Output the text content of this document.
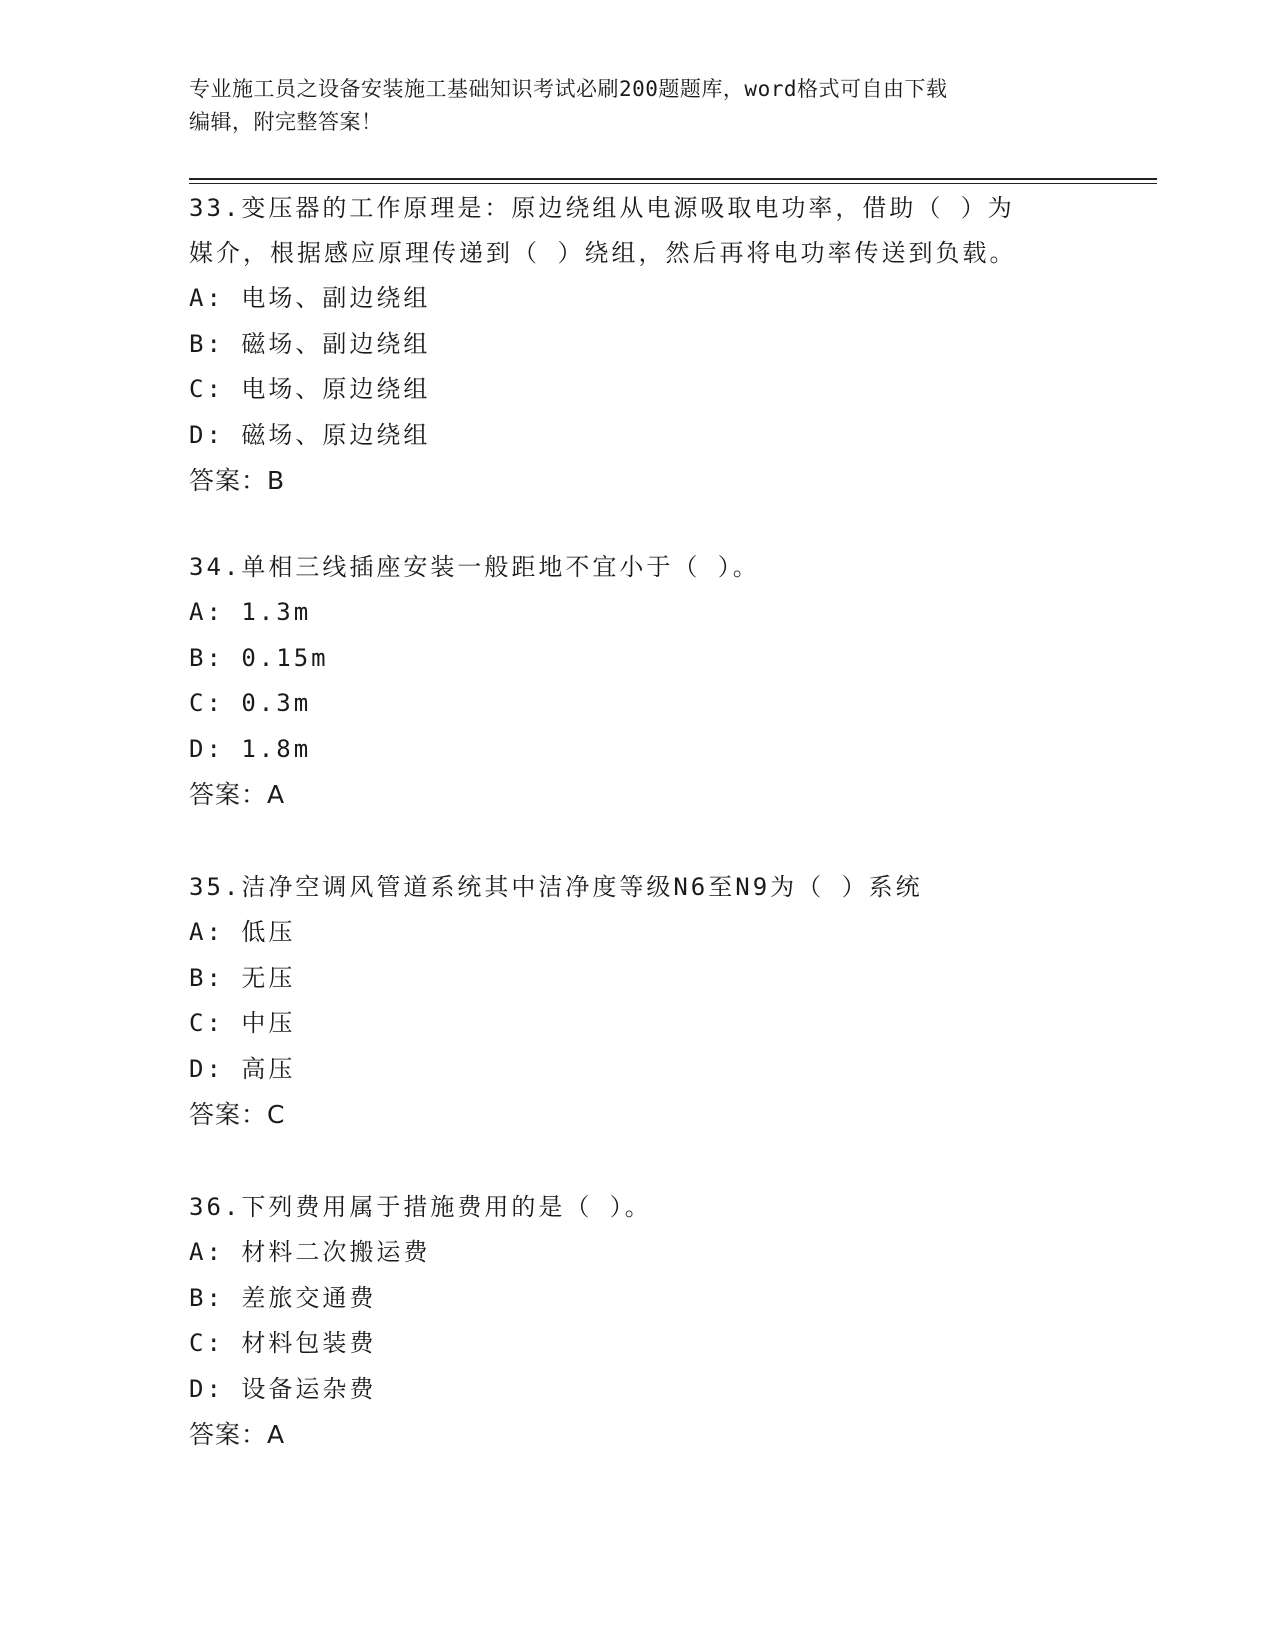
专业施工员之设备安装施工基础知识考试必刷200题题库，word格式可自由下载
编辑，附完整答案！
33.变压器的工作原理是：原边绕组从电源吸取电功率，借助（ ）为
媒介，根据感应原理传递到（ ）绕组，然后再将电功率传送到负载。
A: 电场、副边绕组
B: 磁场、副边绕组
C: 电场、原边绕组
D: 磁场、原边绕组
答案：B
34.单相三线插座安装一般距地不宜小于（ ）。
A: 1.3m
B: 0.15m
C: 0.3m
D: 1.8m
答案：A
35.洁净空调风管道系统其中洁净度等级N6至N9为（ ）系统
A: 低压
B: 无压
C: 中压
D: 高压
答案：C
36.下列费用属于措施费用的是（ ）。
A: 材料二次搬运费
B: 差旅交通费
C: 材料包装费
D: 设备运杂费
答案：A
